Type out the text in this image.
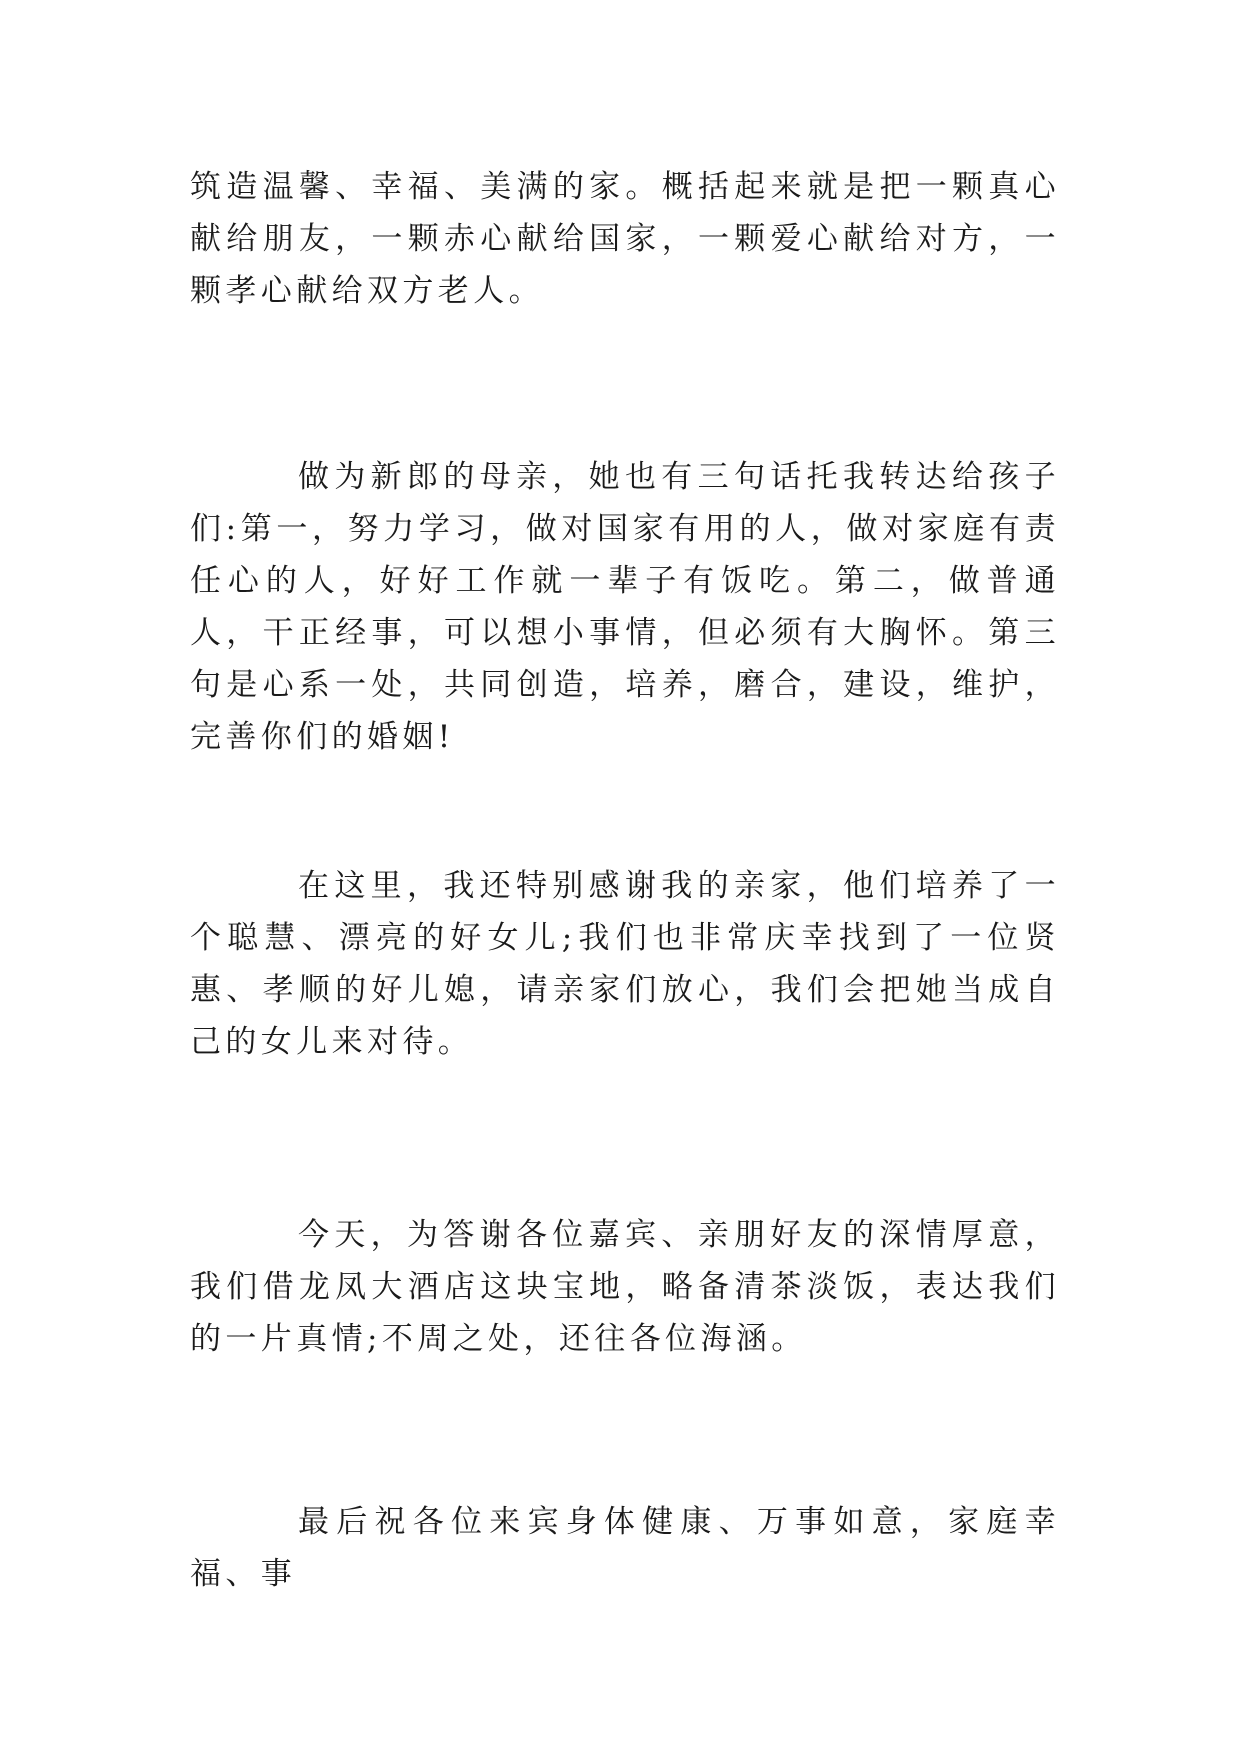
筑造温馨、幸福、美满的家。概括起来就是把一颗真心献给朋友，一颗赤心献给国家，一颗爱心献给对方，一颗孝心献给双方老人。

做为新郎的母亲，她也有三句话托我转达给孩子们:第一，努力学习，做对国家有用的人，做对家庭有责任心的人，好好工作就一辈子有饭吃。第二，做普通人，干正经事，可以想小事情，但必须有大胸怀。第三句是心系一处，共同创造，培养，磨合，建设，维护，完善你们的婚姻!

在这里，我还特别感谢我的亲家，他们培养了一个聪慧、漂亮的好女儿;我们也非常庆幸找到了一位贤惠、孝顺的好儿媳，请亲家们放心，我们会把她当成自己的女儿来对待。

今天，为答谢各位嘉宾、亲朋好友的深情厚意，我们借龙凤大酒店这块宝地，略备清茶淡饭，表达我们的一片真情;不周之处，还往各位海涵。

最后祝各位来宾身体健康、万事如意，家庭幸福、事
